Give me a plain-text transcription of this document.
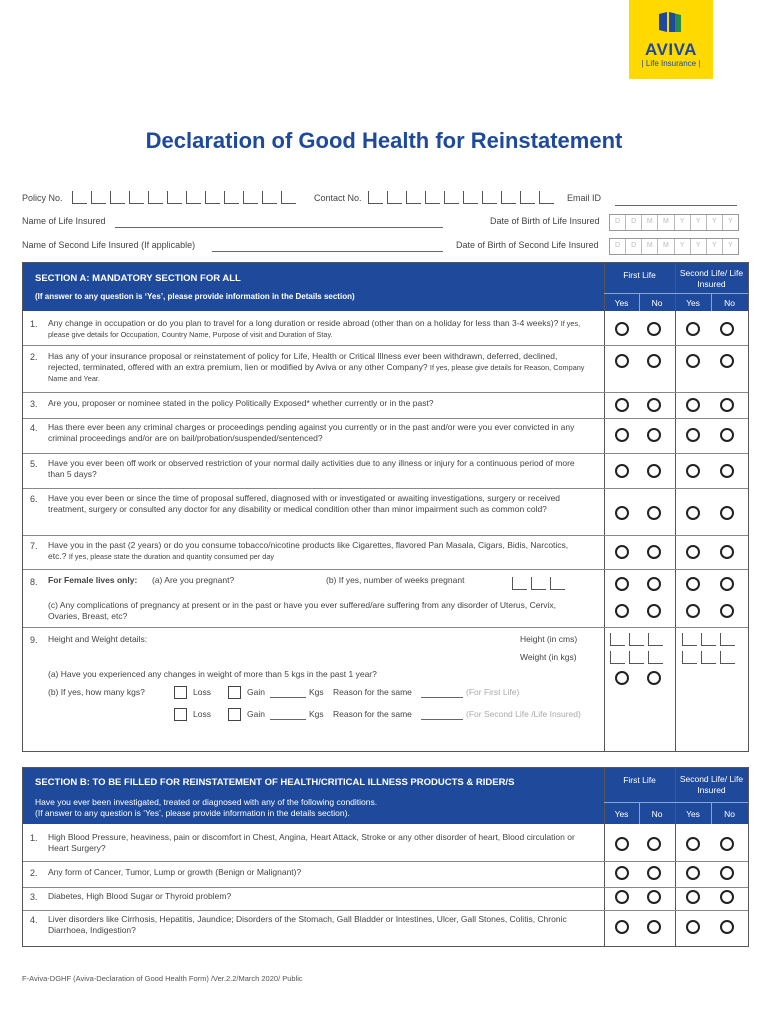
AVIVA
| Life Insurance |
Declaration of Good Health for Reinstatement
Policy No.	Contact No.	Email ID
Name of Life Insured	Date of Birth of Life Insured	D	D	M	M	Y	Y	Y	Y
Name of Second Life Insured (If applicable)	Date of Birth of Second Life Insured	D	D	M	M	Y	Y	Y	Y
SECTION A: MANDATORY SECTION FOR ALL
(If answer to any question is ‘Yes’, please provide information in the Details section)
First Life	Second Life/ Life Insured
Yes	No	Yes	No
1. Any change in occupation or do you plan to travel for a long duration or reside abroad (other than on a holiday for less than 3-4 weeks)? If yes, please give details for Occupation, Country Name, Purpose of visit and Duration of Stay.
2. Has any of your insurance proposal or reinstatement of policy for Life, Health or Critical Illness ever been withdrawn, deferred, declined, rejected, terminated, offered with an extra premium, lien or modified by Aviva or any other Company? If yes, please give details for Reason, Company Name and Year.
3. Are you, proposer or nominee stated in the policy Politically Exposed* whether currently or in the past?
4. Has there ever been any criminal charges or proceedings pending against you currently or in the past and/or were you ever convicted in any criminal proceedings and/or are on bail/probation/suspended/sentenced?
5. Have you ever been off work or observed restriction of your normal daily activities due to any illness or injury for a continuous period of more than 5 days?
6. Have you ever been or since the time of proposal suffered, diagnosed with or investigated or awaiting investigations, surgery or received treatment, surgery or consulted any doctor for any disability or medical condition other than minor impairment such as common cold?
7. Have you in the past (2 years) or do you consume tobacco/nicotine products like Cigarettes, flavored Pan Masala, Cigars, Bidis, Narcotics, etc.? If yes, please state the duration and quantity consumed per day
8. For Female lives only: (a) Are you pregnant?	(b) If yes, number of weeks pregnant
(c) Any complications of pregnancy at present or in the past or have you ever suffered/are suffering from any disorder of Uterus, Cervix, Ovaries, Breast, etc?
9. Height and Weight details:	Height (in cms)
Weight (in kgs)
(a) Have you experienced any changes in weight of more than 5 kgs in the past 1 year?
(b) If yes, how many kgs?	Loss	Gain	Kgs Reason for the same	(For First Life)
Loss	Gain	Kgs Reason for the same	(For Second Life /Life Insured)
SECTION B: TO BE FILLED FOR REINSTATEMENT OF HEALTH/CRITICAL ILLNESS PRODUCTS & RIDER/S
Have you ever been investigated, treated or diagnosed with any of the following conditions.
(If answer to any question is ‘Yes’, please provide information in the details section).
First Life	Second Life/ Life Insured
Yes	No	Yes	No
1. High Blood Pressure, heaviness, pain or discomfort in Chest, Angina, Heart Attack, Stroke or any other disorder of heart, Blood circulation or Heart Surgery?
2. Any form of Cancer, Tumor, Lump or growth (Benign or Malignant)?
3. Diabetes, High Blood Sugar or Thyroid problem?
4. Liver disorders like Cirrhosis, Hepatitis, Jaundice; Disorders of the Stomach, Gall Bladder or Intestines, Ulcer, Gall Stones, Colitis, Chronic Diarrhoea, Indigestion?
F-Aviva-DGHF (Aviva-Declaration of Good Health Form) /Ver.2.2/March 2020/ Public
